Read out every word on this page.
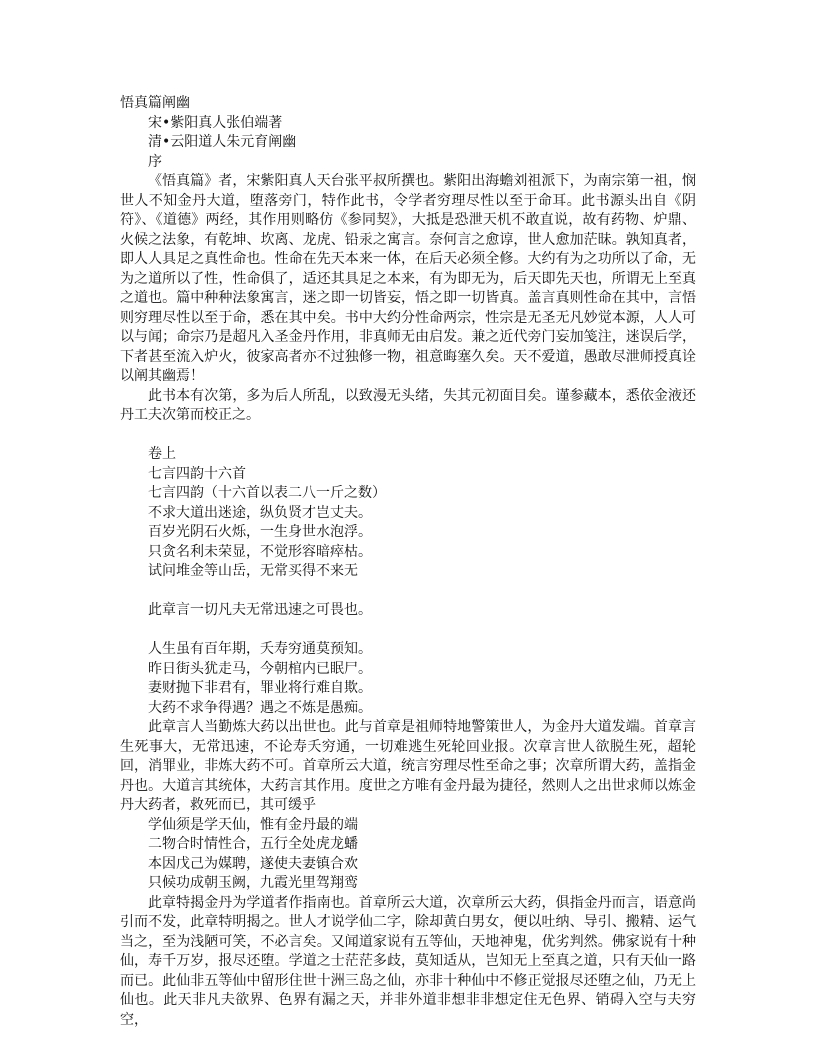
悟真篇阐幽
宋•紫阳真人张伯端著
清•云阳道人朱元育阐幽
序

《悟真篇》者，宋紫阳真人天台张平叔所撰也。紫阳出海蟾刘祖派下，为南宗第一祖，悯世人不知金丹大道，堕落旁门，特作此书，令学者穷理尽性以至于命耳。此书源头出自《阴符》、《道德》两经，其作用则略仿《参同契》，大抵是恐泄天机不敢直说，故有药物、炉鼎、火候之法象，有乾坤、坎离、龙虎、铅汞之寓言。奈何言之愈谆，世人愈加茫昧。孰知真者，即人人具足之真性命也。性命在先天本来一体，在后天必须全修。大约有为之功所以了命，无为之道所以了性，性命俱了，适还其具足之本来，有为即无为，后天即先天也，所谓无上至真之道也。篇中种种法象寓言，迷之即一切皆妄，悟之即一切皆真。盖言真则性命在其中，言悟则穷理尽性以至于命，悉在其中矣。书中大约分性命两宗，性宗是无圣无凡妙觉本源，人人可以与闻；命宗乃是超凡入圣金丹作用，非真师无由启发。兼之近代旁门妄加笺注，迷误后学，下者甚至流入炉火，彼家高者亦不过独修一物，祖意晦塞久矣。天不爱道，愚敢尽泄师授真诠以阐其幽焉！

此书本有次第，多为后人所乱，以致漫无头绪，失其元初面目矣。谨参藏本，悉依金液还丹工夫次第而校正之。

卷上
七言四韵十六首
七言四韵（十六首以表二八一斤之数）
不求大道出迷途，纵负贤才岂丈夫。
百岁光阴石火烁，一生身世水泡浮。
只贪名利未荣显，不觉形容暗瘁枯。
试问堆金等山岳，无常买得不来无
此章言一切凡夫无常迅速之可畏也。
人生虽有百年期，夭寿穷通莫预知。
昨日街头犹走马，今朝棺内已眠尸。
妻财抛下非君有，罪业将行难自欺。
大药不求争得遇？遇之不炼是愚痴。

此章言人当勤炼大药以出世也。此与首章是祖师特地警策世人，为金丹大道发端。首章言生死事大，无常迅速，不论寿夭穷通，一切难逃生死轮回业报。次章言世人欲脱生死，超轮回，消罪业，非炼大药不可。首章所云大道，统言穷理尽性至命之事；次章所谓大药，盖指金丹也。大道言其统体，大药言其作用。度世之方唯有金丹最为捷径，然则人之出世求师以炼金丹大药者，救死而已，其可缓乎

学仙须是学天仙，惟有金丹最的端
二物合时情性合，五行全处虎龙蟠
本因戊己为媒聘，遂使夫妻镇合欢
只候功成朝玉阙，九霞光里驾翔鸾

此章特揭金丹为学道者作指南也。首章所云大道，次章所云大药，俱指金丹而言，语意尚引而不发，此章特明揭之。世人才说学仙二字，除却黄白男女，便以吐纳、导引、搬精、运气当之，至为浅陋可笑，不必言矣。又闻道家说有五等仙，天地神鬼，优劣判然。佛家说有十种仙，寿千万岁，报尽还堕。学道之士茫茫多歧，莫知适从，岂知无上至真之道，只有天仙一路而已。此仙非五等仙中留形住世十洲三岛之仙，亦非十种仙中不修正觉报尽还堕之仙，乃无上仙也。此天非凡夫欲界、色界有漏之天，并非外道非想非非想定住无色界、销碍入空与夫穷空，
